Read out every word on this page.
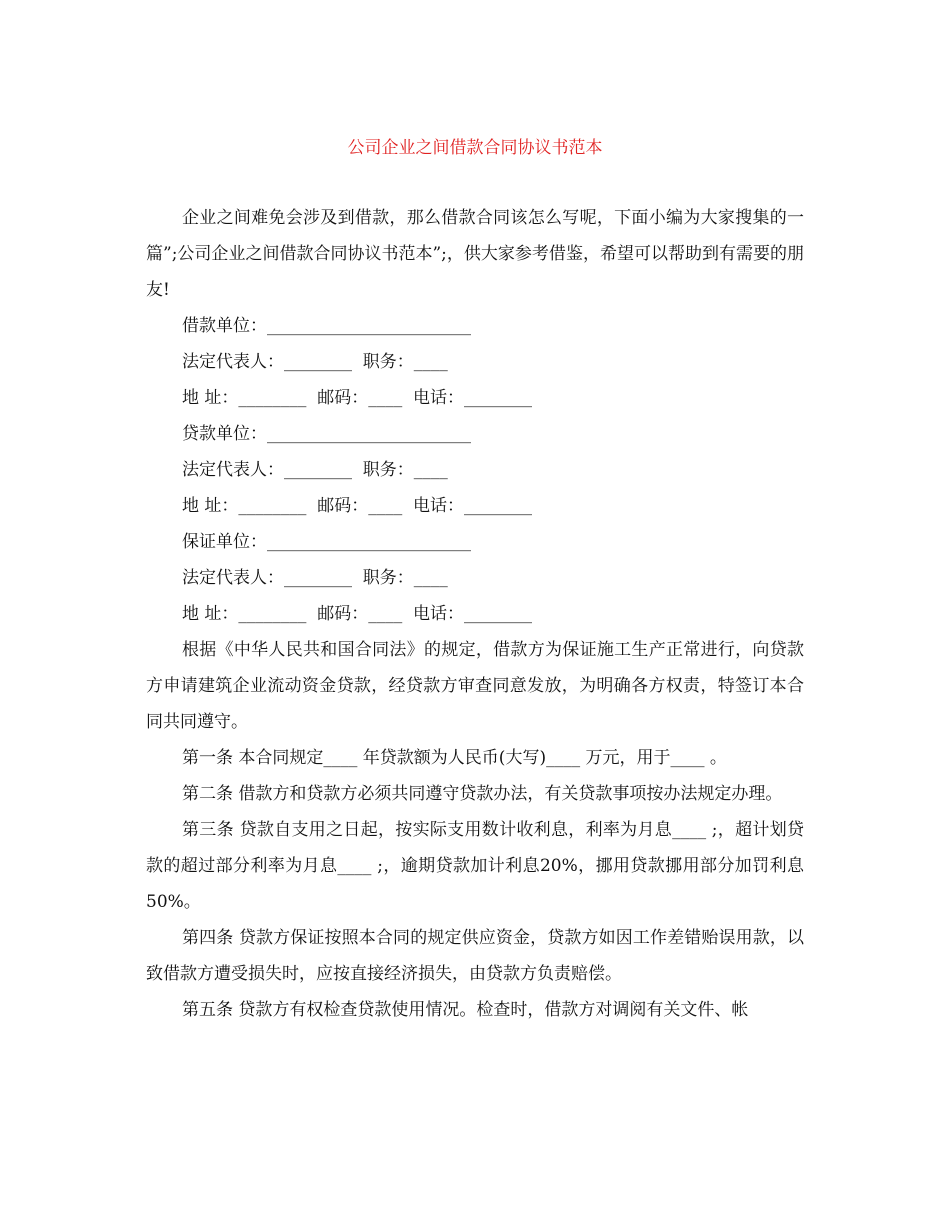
公司企业之间借款合同协议书范本

企业之间难免会涉及到借款，那么借款合同该怎么写呢，下面小编为大家搜集的一篇”;公司企业之间借款合同协议书范本”;，供大家参考借鉴，希望可以帮助到有需要的朋友!

借款单位：________________________

法定代表人：________  职务：____

地 址：________  邮码：____  电话：________

贷款单位：________________________

法定代表人：________  职务：____

地 址：________  邮码：____  电话：________

保证单位：________________________

法定代表人：________  职务：____

地 址：________  邮码：____  电话：________

根据《中华人民共和国合同法》的规定，借款方为保证施工生产正常进行，向贷款方申请建筑企业流动资金贷款，经贷款方审查同意发放，为明确各方权责，特签订本合同共同遵守。

第一条 本合同规定____ 年贷款额为人民币(大写)____ 万元，用于____ 。

第二条 借款方和贷款方必须共同遵守贷款办法，有关贷款事项按办法规定办理。

第三条 贷款自支用之日起，按实际支用数计收利息，利率为月息____ ;，超计划贷款的超过部分利率为月息____ ;，逾期贷款加计利息20%，挪用贷款挪用部分加罚利息50%。

第四条 贷款方保证按照本合同的规定供应资金，贷款方如因工作差错贻误用款，以致借款方遭受损失时，应按直接经济损失，由贷款方负责赔偿。

第五条 贷款方有权检查贷款使用情况。检查时，借款方对调阅有关文件、帐
